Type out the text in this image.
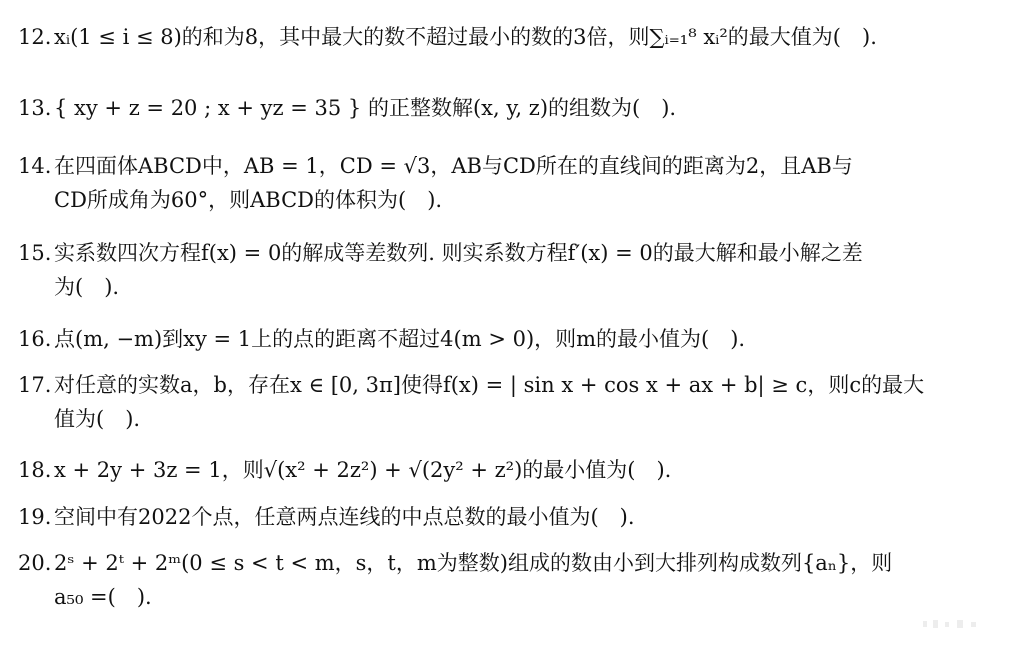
12. xᵢ(1 ≤ i ≤ 8)的和为8，其中最大的数不超过最小的数的3倍，则∑ᵢ₌₁⁸ xᵢ²的最大值为(　).
13. { xy + z = 20 ; x + yz = 35 } 的正整数解(x, y, z)的组数为(　).
14. 在四面体ABCD中，AB = 1，CD = √3，AB与CD所在的直线间的距离为2，且AB与
CD所成角为60°，则ABCD的体积为(　).
15. 实系数四次方程f(x) = 0的解成等差数列. 则实系数方程f′(x) = 0的最大解和最小解之差
为(　).
16. 点(m, −m)到xy = 1上的点的距离不超过4(m > 0)，则m的最小值为(　).
17. 对任意的实数a，b，存在x ∈ [0, 3π]使得f(x) = | sin x + cos x + ax + b| ≥ c，则c的最大
值为(　).
18. x + 2y + 3z = 1，则√(x² + 2z²) + √(2y² + z²)的最小值为(　).
19. 空间中有2022个点，任意两点连线的中点总数的最小值为(　).
20. 2ˢ + 2ᵗ + 2ᵐ(0 ≤ s < t < m，s，t，m为整数)组成的数由小到大排列构成数列{aₙ}，则
a₅₀ =(　).
